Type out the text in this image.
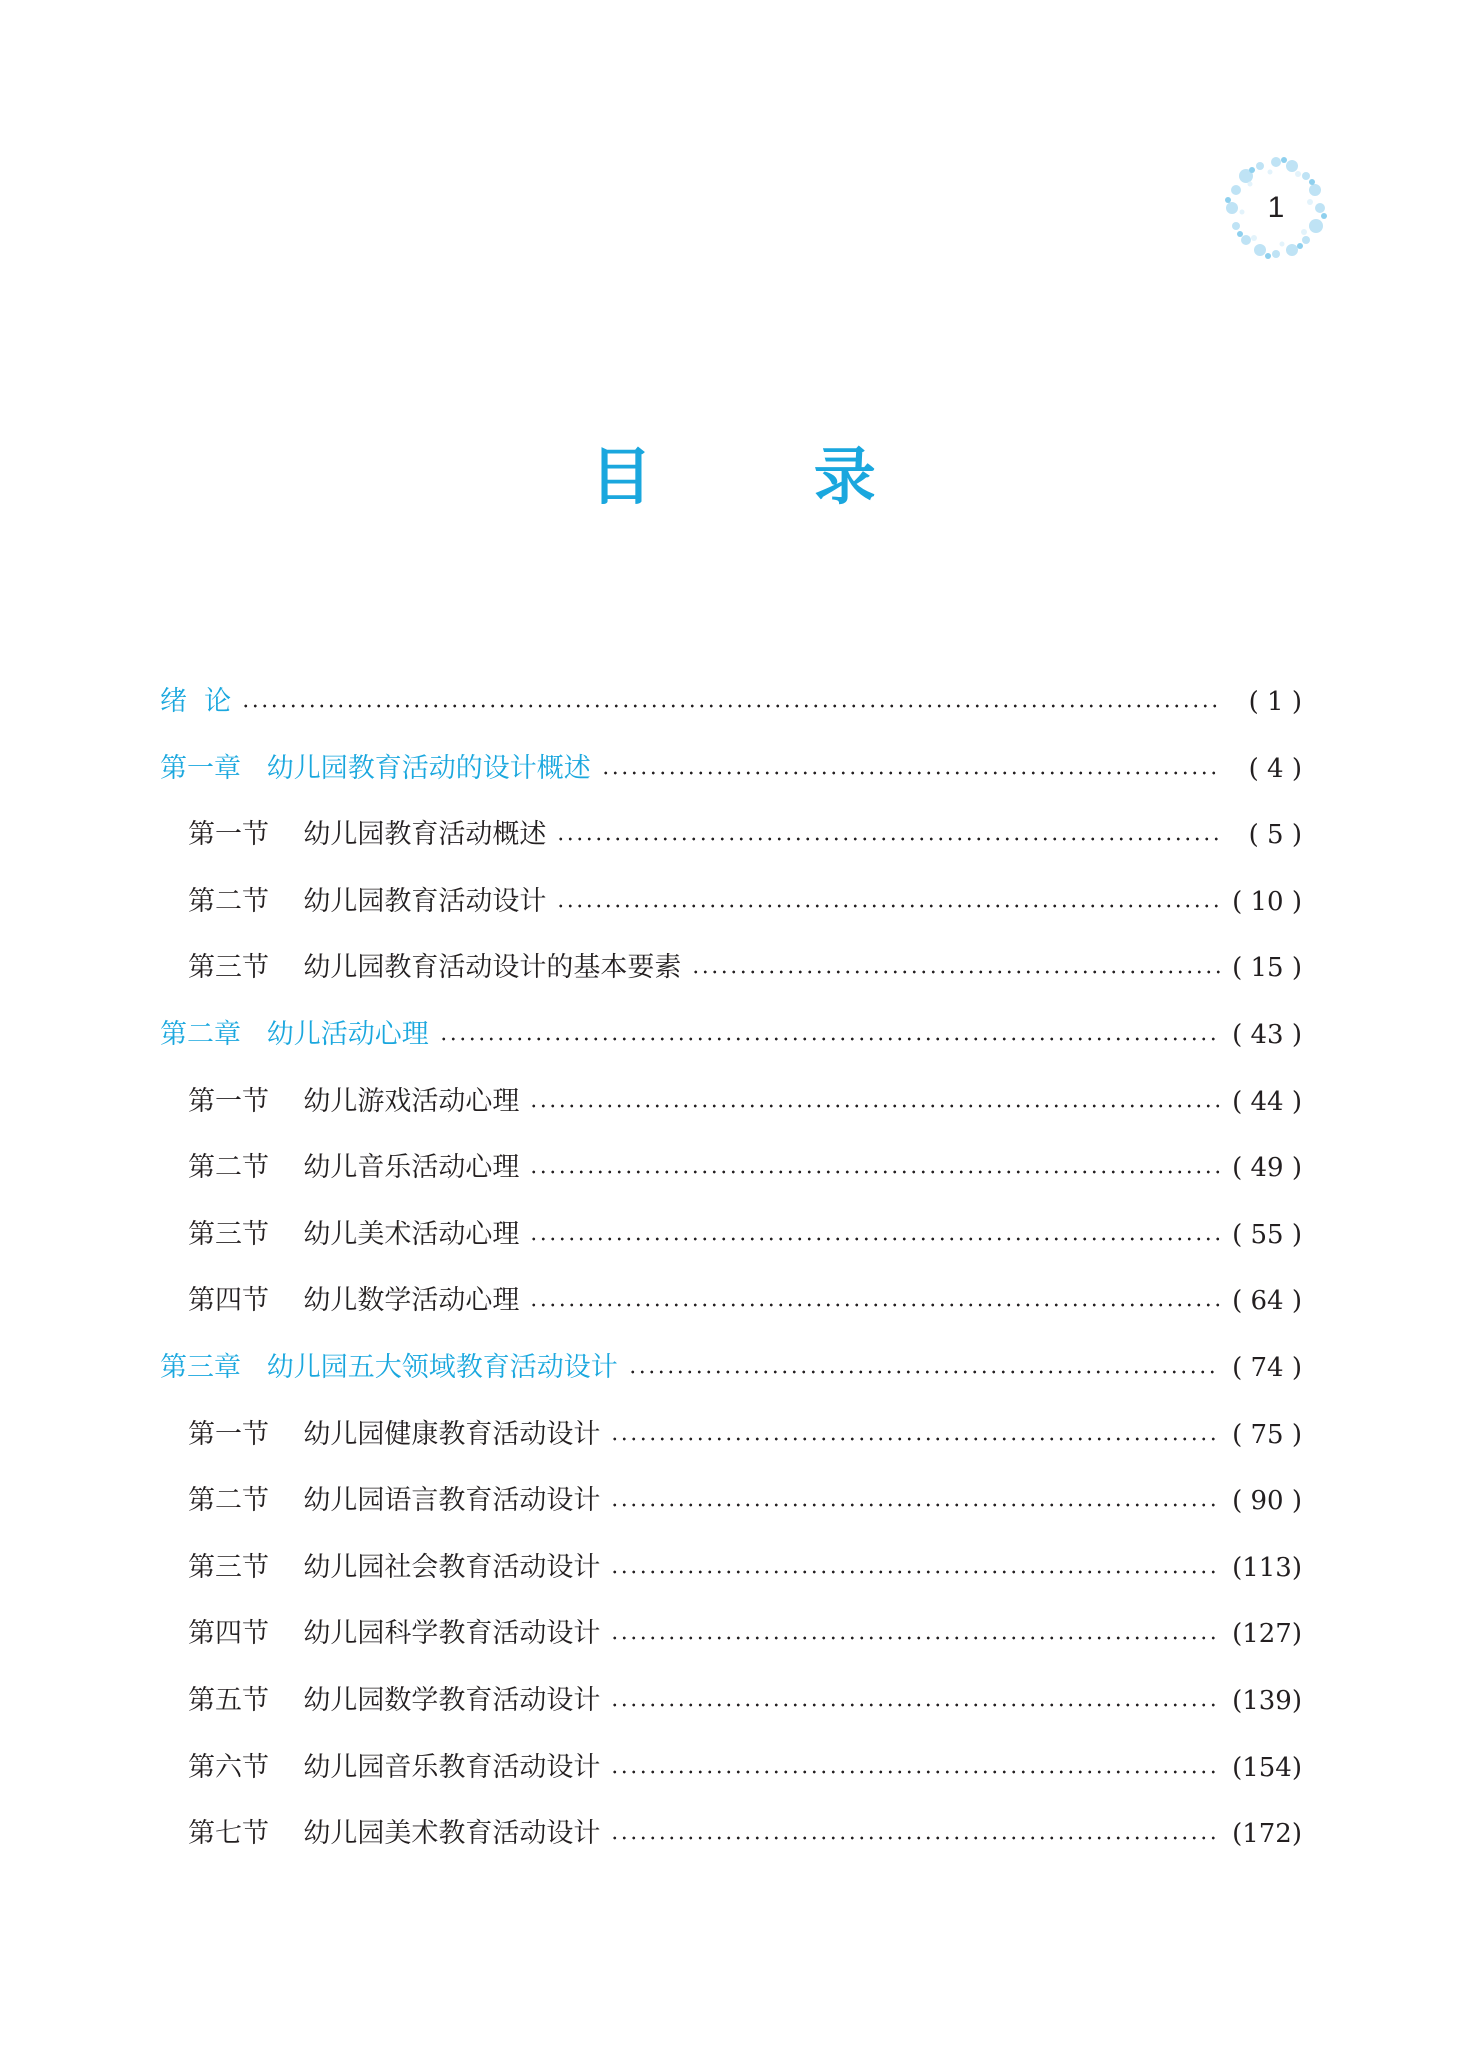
1
目 录
绪  论	( 1 )
第一章   幼儿园教育活动的设计概述	( 4 )
第一节    幼儿园教育活动概述	( 5 )
第二节    幼儿园教育活动设计	( 10 )
第三节    幼儿园教育活动设计的基本要素	( 15 )
第二章   幼儿活动心理	( 43 )
第一节    幼儿游戏活动心理	( 44 )
第二节    幼儿音乐活动心理	( 49 )
第三节    幼儿美术活动心理	( 55 )
第四节    幼儿数学活动心理	( 64 )
第三章   幼儿园五大领域教育活动设计	( 74 )
第一节    幼儿园健康教育活动设计	( 75 )
第二节    幼儿园语言教育活动设计	( 90 )
第三节    幼儿园社会教育活动设计	(113)
第四节    幼儿园科学教育活动设计	(127)
第五节    幼儿园数学教育活动设计	(139)
第六节    幼儿园音乐教育活动设计	(154)
第七节    幼儿园美术教育活动设计	(172)
